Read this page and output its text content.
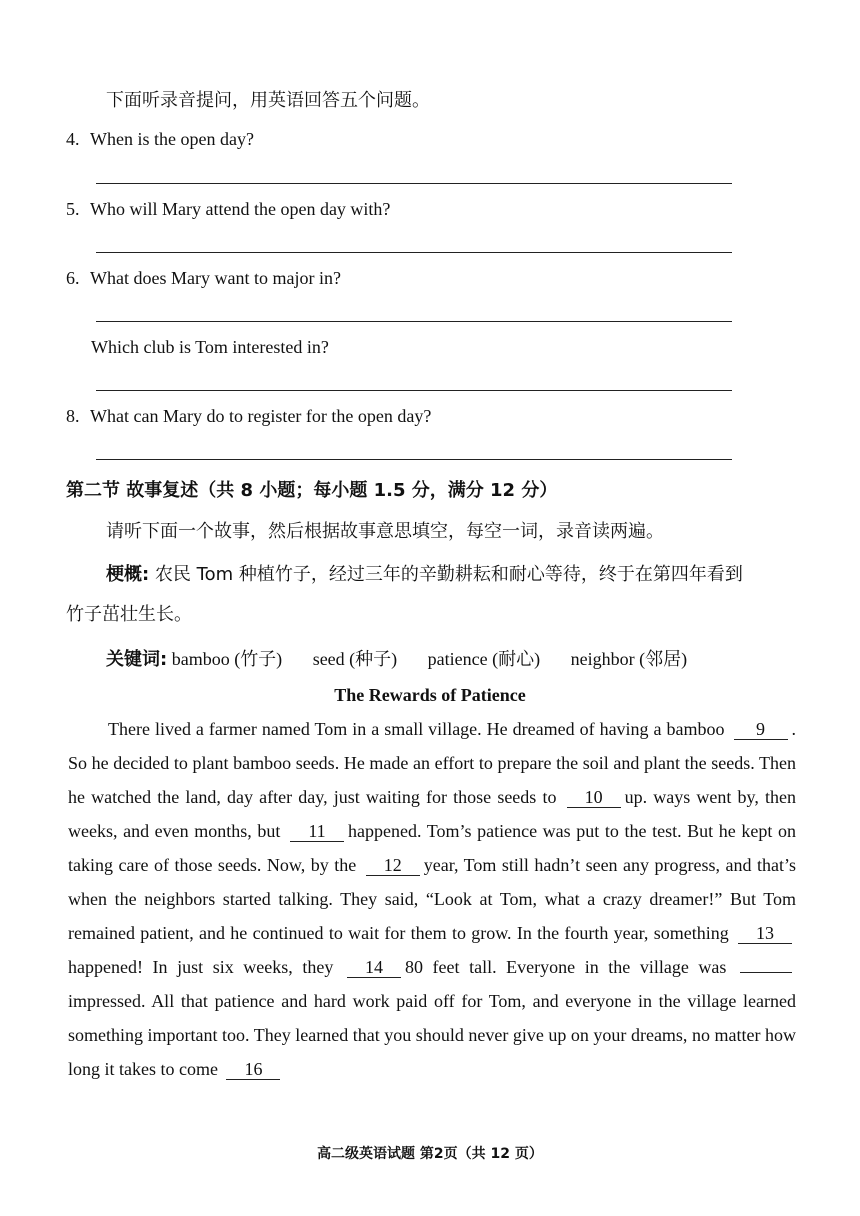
下面听录音提问，用英语回答五个问题。
4. When is the open day?
5. Who will Mary attend the open day with?
6. What does Mary want to major in?
Which club is Tom interested in?
8. What can Mary do to register for the open day?
第二节 故事复述（共 8 小题；每小题 1.5 分，满分 12 分）
请听下面一个故事，然后根据故事意思填空，每空一词，录音读两遍。
梗概: 农民 Tom 种植竹子，经过三年的辛勤耕耘和耐心等待，终于在第四年看到
竹子茁壮生长。
关键词: bamboo (竹子) seed (种子) patience (耐心) neighbor (邻居)
The Rewards of Patience
There lived a farmer named Tom in a small village. He dreamed of having a bamboo 9 . So he decided to plant bamboo seeds. He made an effort to prepare the soil and plant the seeds. Then he watched the land, day after day, just waiting for those seeds to 10 up. ways went by, then weeks, and even months, but 11 happened. Tom’s patience was put to the test. But he kept on taking care of those seeds. Now, by the 12 year, Tom still hadn’t seen any progress, and that’s when the neighbors started talking. They said, “Look at Tom, what a crazy dreamer!” But Tom remained patient, and he continued to wait for them to grow. In the fourth year, something 13happened! In just six weeks, they 14 80 feet tall. Everyone in the village was impressed. All that patience and hard work paid off for Tom, and everyone in the village learned something important too. They learned that you should never give up on your dreams, no matter how long it takes to come 16
高二级英语试题 第2页（共 12 页）
